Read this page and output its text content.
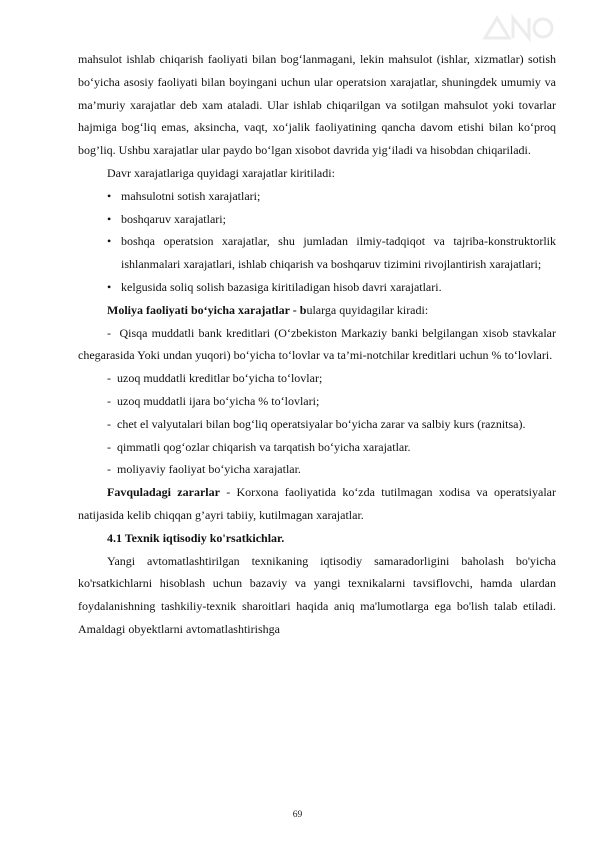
mahsulot ishlab chiqarish faoliyati bilan bog‘lanmagani, lekin mahsulot (ishlar, xizmatlar) sotish bo‘yicha asosiy faoliyati bilan boyingani uchun ular operatsion xarajatlar, shuningdek umumiy va ma’muriy xarajatlar deb xam ataladi. Ular ishlab chiqarilgan va sotilgan mahsulot yoki tovarlar hajmiga bog‘liq emas, aksincha, vaqt, xo‘jalik faoliyatining qancha davom etishi bilan ko‘proq bog’liq. Ushbu xarajatlar ular paydo bo‘lgan xisobot davrida yig‘iladi va hisobdan chiqariladi.

Davr xarajatlariga quyidagi xarajatlar kiritiladi:

• mahsulotni sotish xarajatlari;

• boshqaruv xarajatlari;

• boshqa operatsion xarajatlar, shu jumladan ilmiy-tadqiqot va tajriba-konstruktorlik ishlanmalari xarajatlari, ishlab chiqarish va boshqaruv tizimini rivojlantirish xarajatlari;

• kelgusida soliq solish bazasiga kiritiladigan hisob davri xarajatlari.

Moliya faoliyati bo‘yicha xarajatlar - bularga quyidagilar kiradi:

- Qisqa muddatli bank kreditlari (O‘zbekiston Markaziy banki belgilangan xisob stavkalar chegarasida Yoki undan yuqori) bo‘yicha to‘lovlar va ta’mi-notchilar kreditlari uchun % to‘lovlari.

- uzoq muddatli kreditlar bo‘yicha to‘lovlar;

- uzoq muddatli ijara bo‘yicha % to‘lovlari;

- chet el valyutalari bilan bog‘liq operatsiyalar bo‘yicha zarar va salbiy kurs (raznitsa).

- qimmatli qog‘ozlar chiqarish va tarqatish bo‘yicha xarajatlar.

- moliyaviy faoliyat bo‘yicha xarajatlar.

Favquladagi zararlar - Korxona faoliyatida ko‘zda tutilmagan xodisa va operatsiyalar natijasida kelib chiqqan g’ayri tabiiy, kutilmagan xarajatlar.

4.1 Texnik iqtisodiy ko'rsatkichlar.

Yangi avtomatlashtirilgan texnikaning iqtisodiy samaradorligini baholash bo'yicha ko'rsatkichlarni hisoblash uchun bazaviy va yangi texnikalarni tavsiflovchi, hamda ulardan foydalanishning tashkiliy-texnik sharoitlari haqida aniq ma'lumotlarga ega bo'lish talab etiladi. Amaldagi obyektlarni avtomatlashtirishga

69
